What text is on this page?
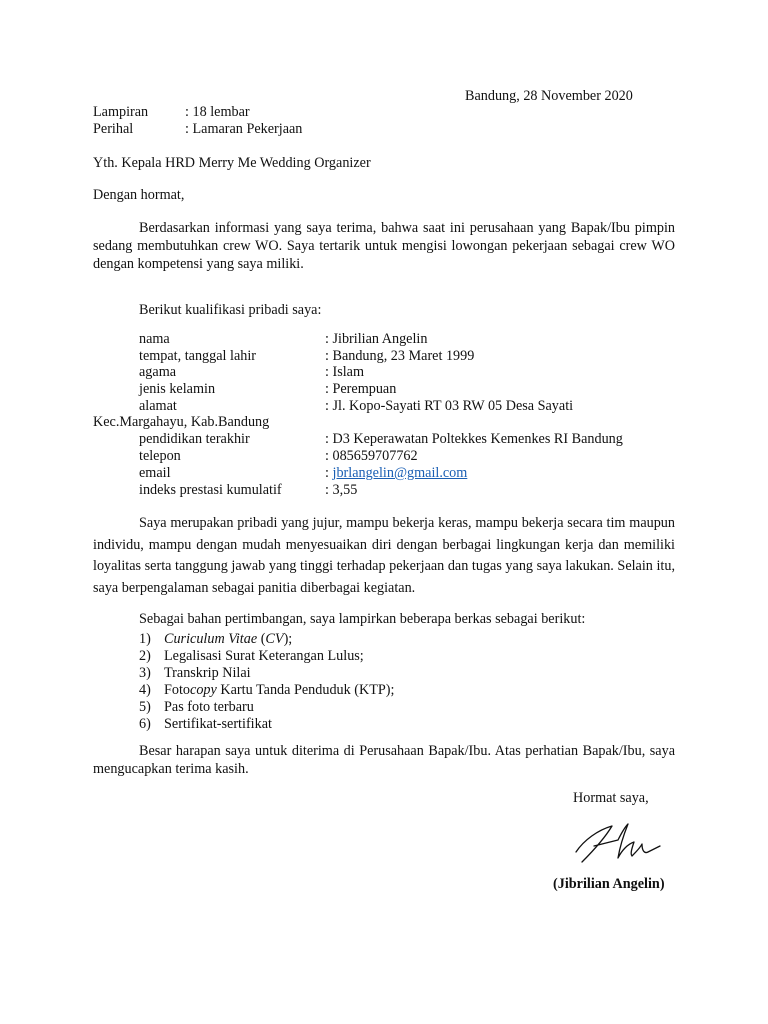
Bandung, 28 November 2020
Lampiran	: 18 lembar
Perihal	: Lamaran Pekerjaan
Yth. Kepala HRD Merry Me Wedding Organizer
Dengan hormat,
Berdasarkan informasi yang saya terima, bahwa saat ini perusahaan yang Bapak/Ibu pimpin sedang membutuhkan crew WO. Saya tertarik untuk mengisi lowongan pekerjaan sebagai crew WO dengan kompetensi yang saya miliki.
Berikut kualifikasi pribadi saya:
nama	: Jibrilian Angelin
tempat, tanggal lahir	: Bandung, 23 Maret 1999
agama	: Islam
jenis kelamin	: Perempuan
alamat	: Jl. Kopo-Sayati RT 03 RW 05 Desa Sayati
Kec.Margahayu, Kab.Bandung
pendidikan terakhir	: D3 Keperawatan Poltekkes Kemenkes RI Bandung
telepon	: 085659707762
email	: jbrlangelin@gmail.com
indeks prestasi kumulatif	: 3,55
Saya merupakan pribadi yang jujur, mampu bekerja keras, mampu bekerja secara tim maupun individu, mampu dengan mudah menyesuaikan diri dengan berbagai lingkungan kerja dan memiliki loyalitas serta tanggung jawab yang tinggi terhadap pekerjaan dan tugas yang saya lakukan. Selain itu, saya berpengalaman sebagai panitia diberbagai kegiatan.
Sebagai bahan pertimbangan, saya lampirkan beberapa berkas sebagai berikut:
1) Curiculum Vitae (CV);
2) Legalisasi Surat Keterangan Lulus;
3) Transkrip Nilai
4) Fotocopy Kartu Tanda Penduduk (KTP);
5) Pas foto terbaru
6) Sertifikat-sertifikat
Besar harapan saya untuk diterima di Perusahaan Bapak/Ibu. Atas perhatian Bapak/Ibu, saya mengucapkan terima kasih.
Hormat saya,
(Jibrilian Angelin)
